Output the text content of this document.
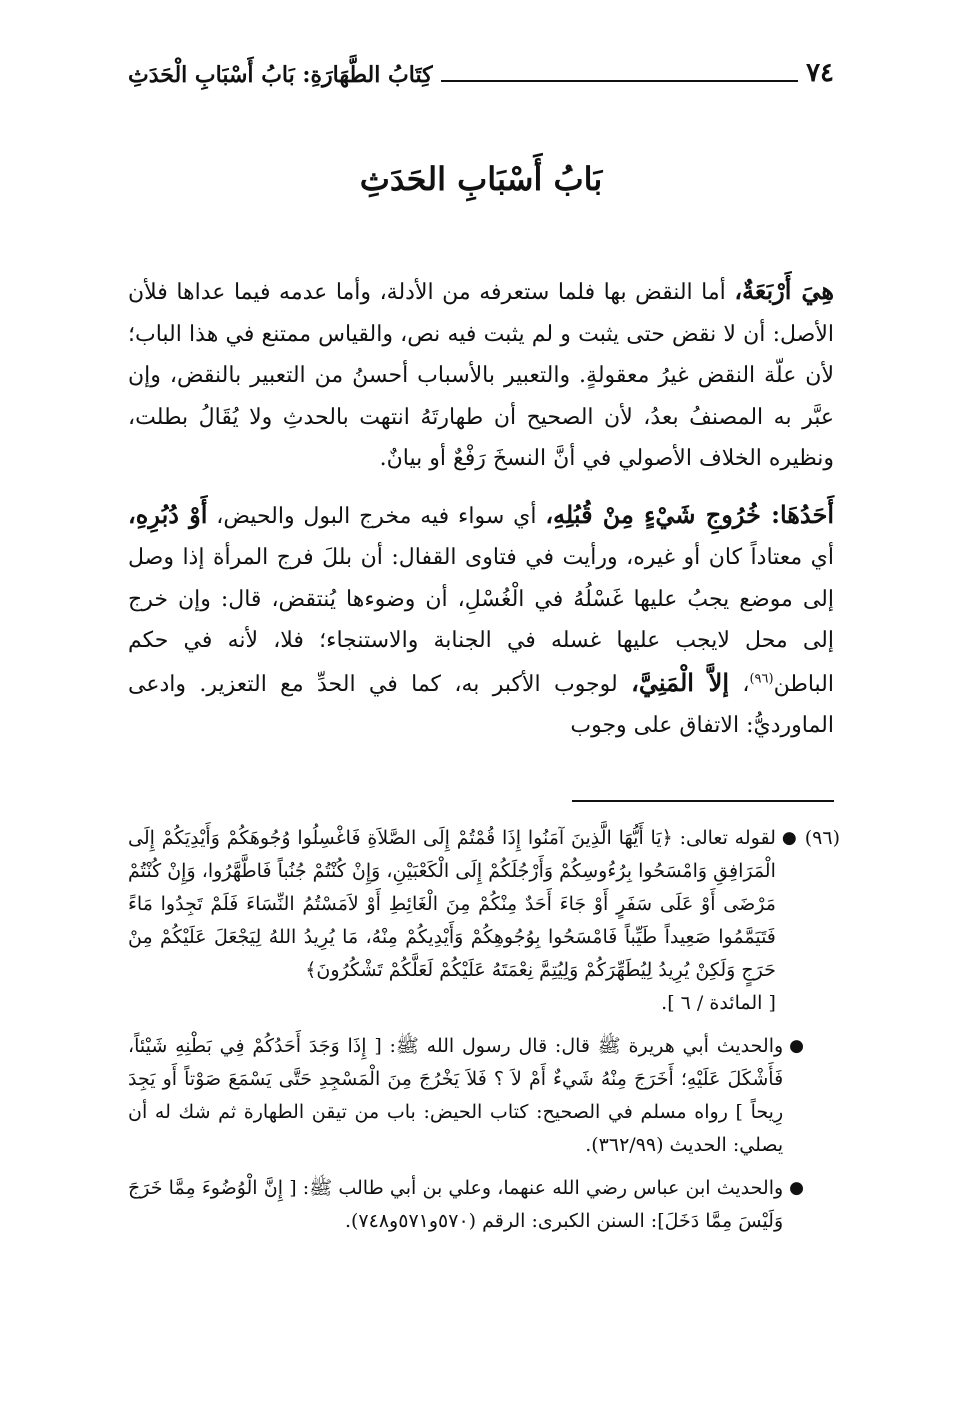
٧٤
كِتَابُ الطَّهَارَةِ: بَابُ أَسْبَابِ الْحَدَثِ
بَابُ أَسْبَابِ الحَدَثِ

هِيَ أَرْبَعَةٌ، أما النقض بها فلما ستعرفه من الأدلة، وأما عدمه فيما عداها فلأن الأصل: أن لا نقض حتى يثبت و لم يثبت فيه نص، والقياس ممتنع في هذا الباب؛ لأن علّة النقض غيرُ معقولةٍ. والتعبير بالأسباب أحسنُ من التعبير بالنقض، وإن عبَّر به المصنفُ بعدُ، لأن الصحيح أن طهارتَهُ انتهت بالحدثِ ولا يُقَالُ بطلت، ونظيره الخلاف الأصولي في أنَّ النسخَ رَفْعٌ أو بيانٌ.

أَحَدُهَا: خُرُوجِ شَيْءٍ مِنْ قُبُلِهِ، أي سواء فيه مخرج البول والحيض، أَوْ دُبُرِهِ، أي معتاداً كان أو غيره، ورأيت في فتاوى القفال: أن بللَ فرج المرأة إذا وصل إلى موضع يجبُ عليها غَسْلُهُ في الْغُسْلِ، أن وضوءها يُنتقض، قال: وإن خرج إلى محل لايجب عليها غسله في الجنابة والاستنجاء؛ فلا، لأنه في حكم الباطن$^{(٩٦)}$، إلاَّ الْمَنِيَّ، لوجوب الأكبر به، كما في الحدِّ مع التعزير. وادعى الماورديُّ: الاتفاق على وجوب

(٩٦)
●
لقوله تعالى: ﴿يَا أَيُّهَا الَّذِينَ آمَنُوا إِذَا قُمْتُمْ إِلَى الصَّلاَةِ فَاغْسِلُوا وُجُوهَكُمْ وَأَيْدِيَكُمْ إِلَى الْمَرَافِقِ وَامْسَحُوا بِرُءُوسِكُمْ وَأَرْجُلَكُمْ إِلَى الْكَعْبَيْنِ، وَإِنْ كُنْتُمْ جُنُباً فَاطَّهَّرُوا، وَإِنْ كُنْتُمْ مَرْضَى أَوْ عَلَى سَفَرٍ أَوْ جَاءَ أَحَدٌ مِنْكُمْ مِنَ الْغَائِطِ أَوْ لاَمَسْتُمُ النِّسَاءَ فَلَمْ تَجِدُوا مَاءً فَتَيَمَّمُوا صَعِيداً طَيِّباً فَامْسَحُوا بِوُجُوهِكُمْ وَأَيْدِيكُمْ مِنْهُ، مَا يُرِيدُ اللهُ لِيَجْعَلَ عَلَيْكُمْ مِنْ حَرَجٍ وَلَكِنْ يُرِيدُ لِيُطَهِّرَكُمْ وَلِيُتِمَّ نِعْمَتَهُ عَلَيْكُمْ لَعَلَّكُمْ تَشْكُرُونَ﴾
[ المائدة / ٦ ].
●
والحديث أبي هريرة ﷺ قال: قال رسول الله ﷺ: [ إِذَا وَجَدَ أَحَدُكُمْ فِي بَطْنِهِ شَيْئاً، فَأَشْكَلَ عَلَيْهِ؛ أَخَرَجَ مِنْهُ شَيءٌ أَمْ لاَ ؟ فَلاَ يَخْرُجَ مِنَ الْمَسْجِدِ حَتَّى يَسْمَعَ صَوْتاً أَو يَجِدَ رِيحاً ] رواه مسلم في الصحيح: كتاب الحيض: باب من تيقن الطهارة ثم شك له أن يصلي: الحديث (٣٦٢/٩٩).
●
والحديث ابن عباس رضي الله عنهما، وعلي بن أبي طالب ﷺ: [ إِنَّ الْوُضُوءَ مِمَّا خَرَجَ وَلَيْسَ مِمَّا دَخَلَ]: السنن الكبرى: الرقم (٥٧٠و٥٧١و٧٤٨).
